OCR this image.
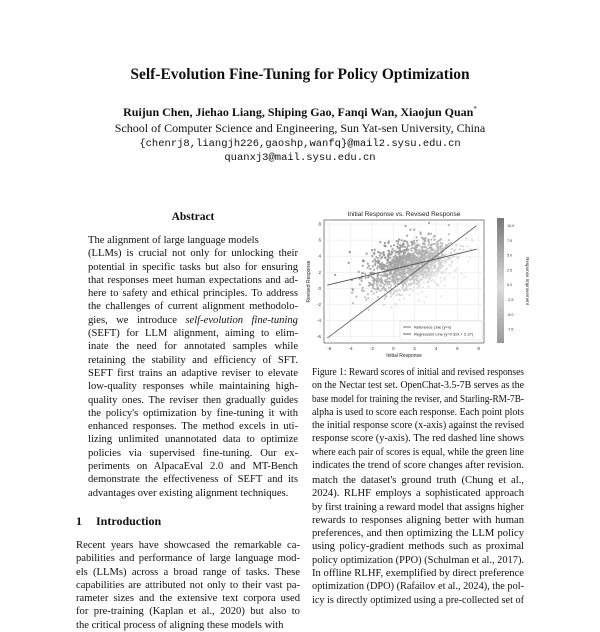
Self-Evolution Fine-Tuning for Policy Optimization
Ruijun Chen, Jiehao Liang, Shiping Gao, Fanqi Wan, Xiaojun Quan*
School of Computer Science and Engineering, Sun Yat-sen University, China
{chenrj8,liangjh226,gaoshp,wanfq}@mail2.sysu.edu.cn
quanxj3@mail.sysu.edu.cn
Abstract
The alignment of large language models
(LLMs) is crucial not only for unlocking their
potential in specific tasks but also for ensuring
that responses meet human expectations and ad-
here to safety and ethical principles. To address
the challenges of current alignment methodolo-
gies, we introduce self-evolution fine-tuning
(SEFT) for LLM alignment, aiming to elim-
inate the need for annotated samples while
retaining the stability and efficiency of SFT.
SEFT first trains an adaptive reviser to elevate
low-quality responses while maintaining high-
quality ones. The reviser then gradually guides
the policy's optimization by fine-tuning it with
enhanced responses. The method excels in uti-
lizing unlimited unannotated data to optimize
policies via supervised fine-tuning. Our ex-
periments on AlpacaEval 2.0 and MT-Bench
demonstrate the effectiveness of SEFT and its
advantages over existing alignment techniques.
1 Introduction
Recent years have showcased the remarkable ca-
pabilities and performance of large language mod-
els (LLMs) across a broad range of tasks. These
capabilities are attributed not only to their vast pa-
rameter sizes and the extensive text corpora used
for pre-training (Kaplan et al., 2020) but also to
the critical process of aligning these models with
-6	-4	-2	0	2	4	6	8
-6
-4
-2
0
2
4
6
8
Reference Line (y=x)
Regression Line (y=0.32x + 2.37)
Initial Response vs. Revised Response
Initial Response
Revised Response
10.0
7.5
5.0
2.5
0.0
-2.5
-5.0
-7.5
Response Improvement
Figure 1: Reward scores of initial and revised responses
on the Nectar test set. OpenChat-3.5-7B serves as the
base model for training the reviser, and Starling-RM-7B-
alpha is used to score each response. Each point plots
the initial response score (x-axis) against the revised
response score (y-axis). The red dashed line shows
where each pair of scores is equal, while the green line
indicates the trend of score changes after revision.
match the dataset's ground truth (Chung et al.,
2024). RLHF employs a sophisticated approach
by first training a reward model that assigns higher
rewards to responses aligning better with human
preferences, and then optimizing the LLM policy
using policy-gradient methods such as proximal
policy optimization (PPO) (Schulman et al., 2017).
In offline RLHF, exemplified by direct preference
optimization (DPO) (Rafailov et al., 2024), the pol-
icy is directly optimized using a pre-collected set of
